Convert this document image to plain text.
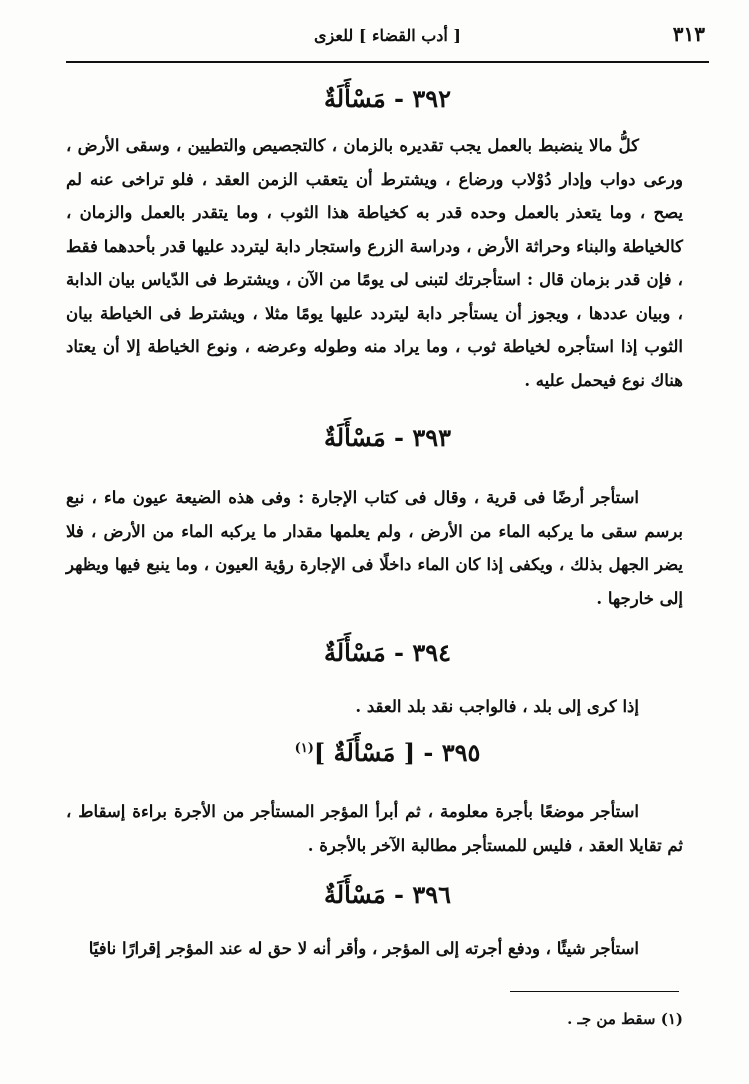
٣١٣
[ أدب القضاء ] للعزى
٣٩٢ - مَسْأَلَةٌ
كلُّ مالا ينضبط بالعمل يجب تقديره بالزمان ، كالتجصيص والتطيين ، وسقى الأرض ، ورعى دواب وإدار دُوْلاب ورضاع ، ويشترط أن يتعقب الزمن العقد ، فلو تراخى عنه لم يصح ، وما يتعذر بالعمل وحده قدر به كخياطة هذا الثوب ، وما يتقدر بالعمل والزمان ، كالخياطة والبناء وحراثة الأرض ، ودراسة الزرع واستجار دابة ليتردد عليها قدر بأحدهما فقط ، فإن قدر بزمان قال : استأجرتك لتبنى لى يومًا من الآن ، ويشترط فى الدّياس بيان الدابة ، وبيان عددها ، ويجوز أن يستأجر دابة ليتردد عليها يومًا مثلا ، ويشترط فى الخياطة بيان الثوب إذا استأجره لخياطة ثوب ، وما يراد منه وطوله وعرضه ، ونوع الخياطة إلا أن يعتاد هناك نوع فيحمل عليه .
٣٩٣ - مَسْأَلَةٌ
استأجر أرضًا فى قرية ، وقال فى كتاب الإجارة : وفى هذه الضيعة عيون ماء ، نبع برسم سقى ما يركبه الماء من الأرض ، ولم يعلمها مقدار ما يركبه الماء من الأرض ، فلا يضر الجهل بذلك ، ويكفى إذا كان الماء داخلًا فى الإجارة رؤية العيون ، وما ينبع فيها ويظهر إلى خارجها .
٣٩٤ - مَسْأَلَةٌ
إذا كرى إلى بلد ، فالواجب نقد بلد العقد .
٣٩٥ - [ مَسْأَلَةٌ ]$^{(١)}$
استأجر موضعًا بأجرة معلومة ، ثم أبرأ المؤجر المستأجر من الأجرة براءة إسقاط ، ثم تقايلا العقد ، فليس للمستأجر مطالبة الآخر بالأجرة .
٣٩٦ - مَسْأَلَةٌ
استأجر شيئًا ، ودفع أجرته إلى المؤجر ، وأقر أنه لا حق له عند المؤجر إقرارًا نافيًا
(١) سقط من جـ .
